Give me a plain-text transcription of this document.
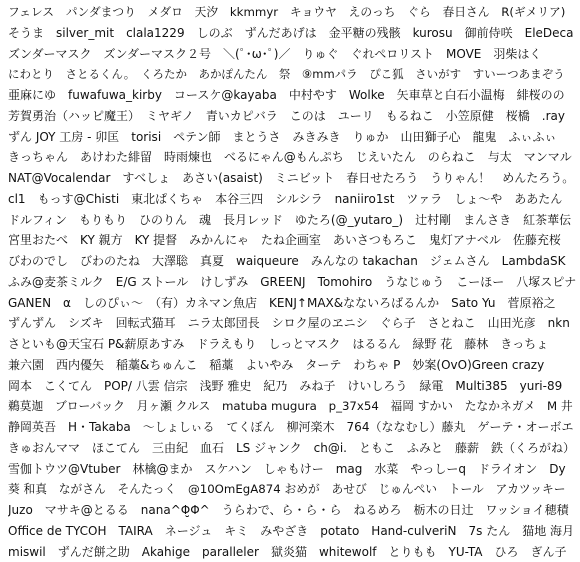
フェレス　パンダまつり　メダロ　天汐　kkmmyr　キョウヤ　えのっち　ぐら　春日さん　R(ギメリア)
そうま　silver_mit　clala1229　しのぶ　ずんだあげは　金平糖の残骸　kurosu　御前侍咲　EleDeca
ズンダーマスク　ズンダーマスク２号　＼(ﾟ･ω･ﾟ)／　りゅぐ　ぐれぺロリスト　MOVE　羽柴はく
にわとり　さとるくん。　くろたか　あかぽんたん　祭　⑨mmパラ　ぴこ狐　さいがす　すいーつあまぞう
亜麻にゆ　fuwafuwa_kirby　コースケ@kayaba　中村やす　Wolke　矢車草と白石小温梅　緋桜のの
芳賀勇治（ハッピ魔王）　ミヤギノ　青いカピバラ　このは　ユーリ　もるねこ　小笠原健　桜橋　.ray
ずん JOY 工房 - 卯匡　torisi　ペテン師　まとうさ　みきみき　りゅか　山田獅子心　龍鬼　ふぃふぃ
きっちゃん　あけわた緋留　時雨煉也　べるにゃん@もんぷち　じえいたん　のらねこ　与太　マンマル
NAT@Vocalendar　すべしょ　あさい(asaist)　ミニビット　春日せたろう　うりゃん！　めんたろう。
cl1　もっす@Chisti　東北ぱくちゃ　本谷三四　シルシラ　naniiro1st　ツァラ　しょ～や　ああたん
ドルフィン　もりもり　ひのりん　魂　長月レッド　ゆたろ(@_yutaro_)　辻村剛　まんさき　紅茶華伝
宮里おたべ　KY 親方　KY 提督　みかんにゃ　たね企画室　あいさつもろこ　鬼灯アナベル　佐藤充桜
びわのでし　びわのたね　大澤聡　真夏　waiqueure　みんなの takachan　ジェムさん　LambdaSK
ふみ@麦茶ミルク　E/G ストール　けしずみ　GREENJ　Tomohiro　うなじゅう　こーほー　八塚スピナ
GANEN　α　しのぴぃ～　（有）カネマン魚店　KENJ↑MAX&なないろばるんか　Sato Yu　菅原裕之
ずんずん　シズキ　回転式猫耳　ニラ太郎団長　シロク屋のヱニシ　ぐら子　さとねこ　山田光彦　nkn
さといも@天宝石 P&薪原あすみ　ドラえもり　しっとマスク　はるるん　緑野 花　藤林　きっちょ
兼六園　西内優矢　稲藁&ちゅんこ　稲藁　よいやみ　ターテ　わちゃ P　妙案(OvO)Green crazy
岡本　こくてん　POP/ 八雲 信宗　浅野 雅史　紀乃　みね子　けいしろう　緑電　Multi385　yuri-89
鵜莫迦　ブローバック　月ヶ瀬 クルス　matuba mugura　p_37x54　福岡 すかい　たなかネガメ　M 井
静岡英吾　H・Takaba　～しょしぃる　てくぼん　柳河楽木　764（ななむし）藤丸　ゲーテ・オーボエ
きゅおんママ　ほこてん　三由紀　血石　LS ジャンク　ch@i.　ともこ　ふみと　藤薪　鉄（くろがね）
雪伽トウツ@Vtuber　林檎@まか　スケハン　しゃもけー　mag　水菜　やっしーq　ドライオン　Dy
葵 和真　ながさん　そんたっく　@10OmEgA874 おめが　あせび　じゅんぺい　トール　アカツッキー
Juzo　マサキ@とるる　nana^Φ̮Φ^　うらわで、ら・ら・ら　ねるめろ　栃木の日辻　ワッショイ穂積
Office de TYCOH　TAIRA　ネージュ　キミ　みやざき　potato　Hand-culveriN　7s たん　猫地 海月
miswil　ずんだ餅之助　Akahige　paralleler　獄炎猫　whitewolf　とりもも　YU-TA　ひろ　ぎん子
